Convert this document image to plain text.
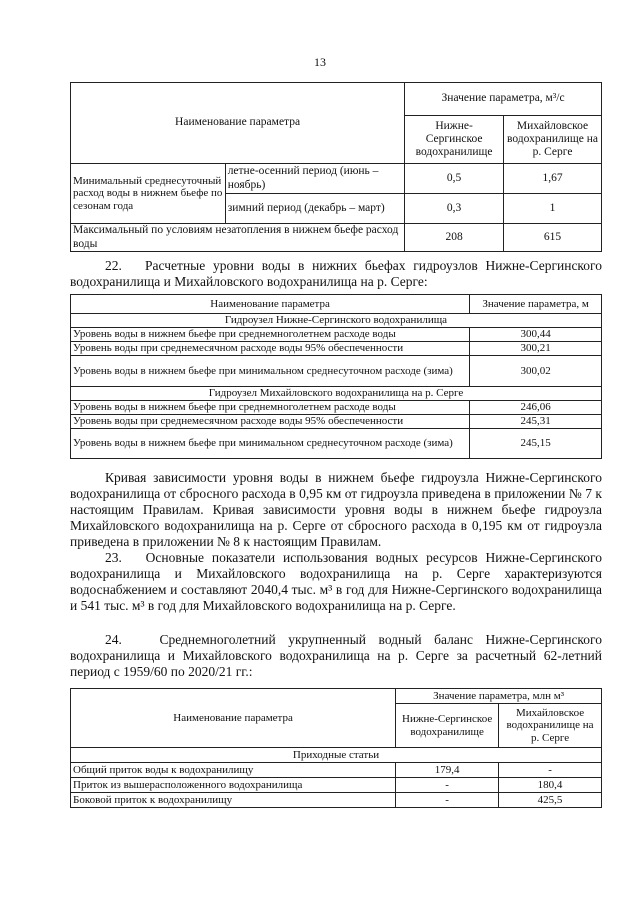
13
Наименование параметра		Значение параметра, м³/с	
		Нижне-Сергинское водохранилище	Михайловское водохранилище на р. Серге
Минимальный среднесуточный расход воды в нижнем бьефе по сезонам года	летне-осенний период (июнь – ноябрь)	0,5	1,67
	зимний период (декабрь – март)	0,3	1
Максимальный по условиям незатопления в нижнем бьефе расход воды		208	615

22. Расчетные уровни воды в нижних бьефах гидроузлов Нижне-Сергинского водохранилища и Михайловского водохранилища на р. Серге:

Наименование параметра	Значение параметра, м
Гидроузел Нижне-Сергинского водохранилища	
Уровень воды в нижнем бьефе при среднемноголетнем расходе воды	300,44
Уровень воды при среднемесячном расходе воды 95% обеспеченности	300,21
Уровень воды в нижнем бьефе при минимальном среднесуточном расходе (зима)	300,02
Гидроузел Михайловского водохранилища на р. Серге	
Уровень воды в нижнем бьефе при среднемноголетнем расходе воды	246,06
Уровень воды при среднемесячном расходе воды 95% обеспеченности	245,31
Уровень воды в нижнем бьефе при минимальном среднесуточном расходе (зима)	245,15

Кривая зависимости уровня воды в нижнем бьефе гидроузла Нижне-Сергинского водохранилища от сбросного расхода в 0,95 км от гидроузла приведена в приложении № 7 к настоящим Правилам. Кривая зависимости уровня воды в нижнем бьефе гидроузла Михайловского водохранилища на р. Серге от сбросного расхода в 0,195 км от гидроузла приведена в приложении № 8 к настоящим Правилам.

23. Основные показатели использования водных ресурсов Нижне-Сергинского водохранилища и Михайловского водохранилища на р. Серге характеризуются водоснабжением и составляют 2040,4 тыс. м³ в год для Нижне-Сергинского водохранилища и 541 тыс. м³ в год для Михайловского водохранилища на р. Серге.

24.	Среднемноголетний укрупненный водный баланс Нижне-Сергинского водохранилища и Михайловского водохранилища на р. Серге за расчетный 62-летний период с 1959/60 по 2020/21 гг.:

Наименование параметра	Значение параметра, млн м³	
	Нижне-Сергинское водохранилище	Михайловское водохранилище на р. Серге
Приходные статьи		
Общий приток воды к водохранилищу	179,4	-
Приток из вышерасположенного водохранилища	-	180,4
Боковой приток к водохранилищу	-	425,5
